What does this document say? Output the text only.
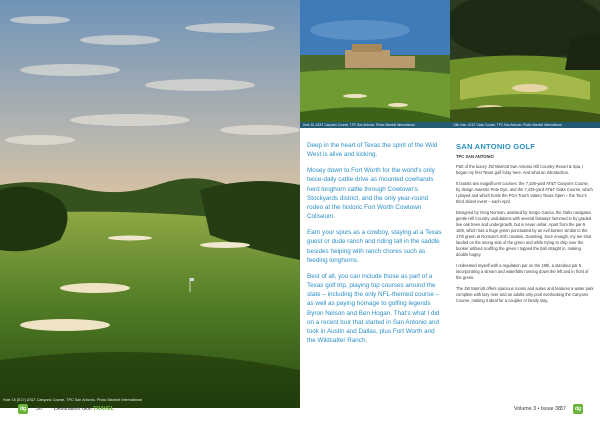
Hole 16 (E17) AT&T Canyons Course, TPC San Antonio. Photo Marriott International
Hole 16, AT&T Canyons Course, TPC San Antonio. Photo Marriott International	13th hole, AT&T Oaks Course, TPC San Antonio. Photo Marriott International

Deep in the heart of Texas the spirit of the Wild West is alive and kicking.

Mosey down to Fort Worth for the world's only twice-daily cattle drive as mounted cowhands herd longhorn cattle through Cowtown's Stockyards district, and the only year-round rodeo at the historic Fort Worth Cowtown Coliseum.

Earn your spurs as a cowboy, staying at a Texas guest or dude ranch and riding tall in the saddle besides helping with ranch chores such as feeding longhorns.

Best of all, you can include those as part of a Texas golf trip, playing top courses around the state – including the only NFL-themed course – as well as paying homage to golfing legends Byron Nelson and Ben Hogan. That's what I did on a recent tour that started in San Antonio and took in Austin and Dallas, plus Fort Worth and the Wildcatter Ranch.

SAN ANTONIO GOLF
TPC SAN ANTONIO

Part of the luxury JW Marriott San Antonio Hill Country Resort & Spa, I began my first Texas golf foray here. And what an introduction.

It boasts two magnificent courses: the 7,106-yard AT&T Canyons Course, by design maestro Pete Dye, and the 7,435-yard AT&T Oaks Course, which I played and which hosts the PGA Tour's Valero Texas Open – the Tour's third oldest event – each April.

Designed by Greg Norman, assisted by Sergio Garcia, the Oaks navigates gentle Hill Country undulations with several fairways hemmed in by graded live oak trees and undergrowth, but is never unfair. Apart from the par-5 16th, which has a huge green punctuated by an evil bunker similar to the 17th green at Norman's Irish creation, Doonbeg. Sure enough, my tee shot landed on the wrong side of the green and while trying to chip over the bunker without scuffing the green I topped the ball straight in, making double bogey.

I redeemed myself with a regulation par on the 18th, a standout par 5 incorporating a stream and waterfalls running down the left and in front of the green.

The JW Marriott offers spacious rooms and suites and features a water park complete with lazy river and an adults-only pool overlooking the Canyons Course, making it ideal for a couples or family stay.

dg	36 Destination Golf TRAVEL	Volume 3 • Issue 38 37	dg
